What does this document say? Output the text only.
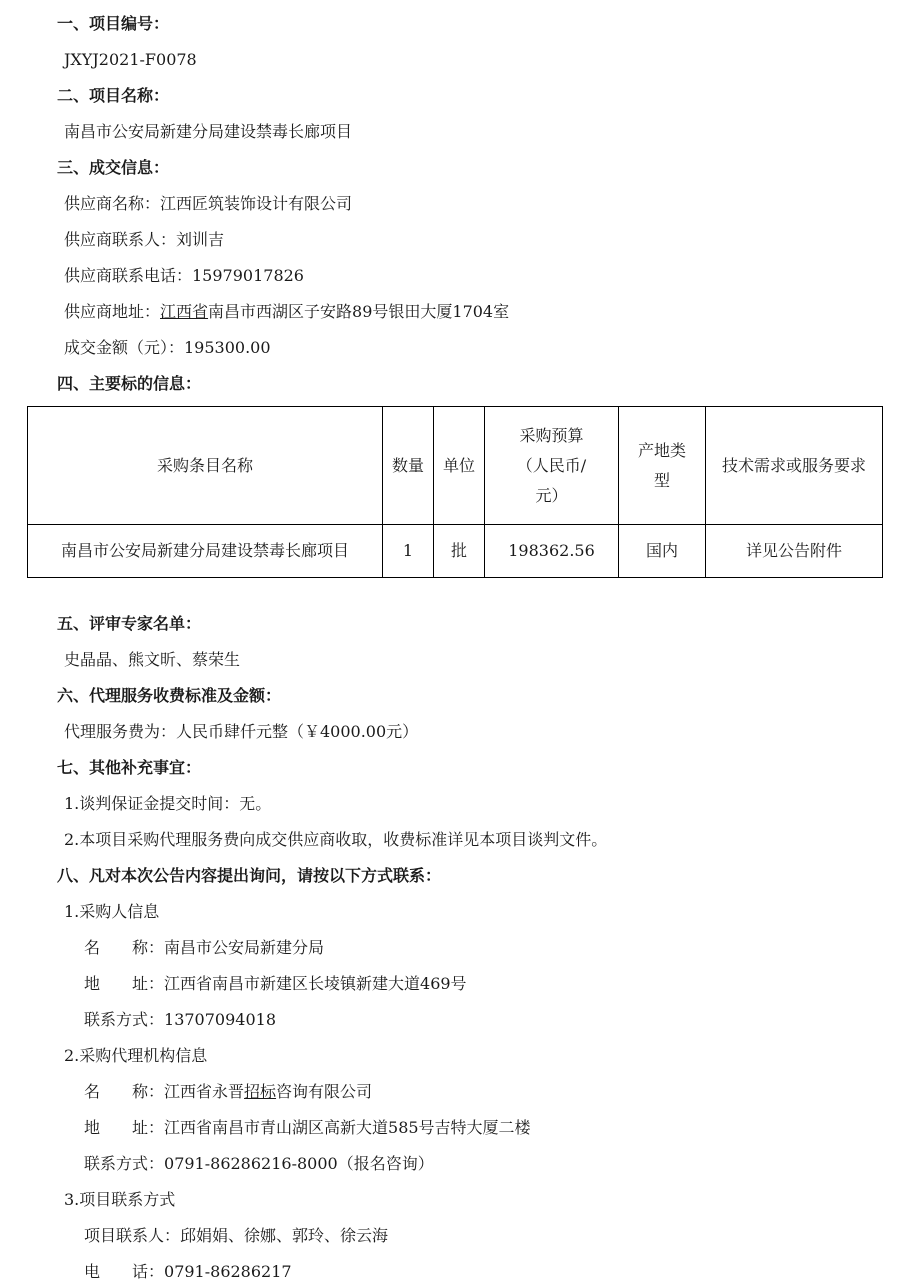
一、项目编号：
JXYJ2021-F0078
二、项目名称：
南昌市公安局新建分局建设禁毒长廊项目
三、成交信息：
供应商名称：江西匠筑装饰设计有限公司
供应商联系人：刘训吉
供应商联系电话：15979017826
供应商地址：江西省南昌市西湖区子安路89号银田大厦1704室
成交金额（元）：195300.00
四、主要标的信息：
采购条目名称	数量	单位	采购预算（人民币/元）	产地类型	技术需求或服务要求
南昌市公安局新建分局建设禁毒长廊项目	1	批	198362.56	国内	详见公告附件
五、评审专家名单：
史晶晶、熊文昕、蔡荣生
六、代理服务收费标准及金额：
代理服务费为：人民币肆仟元整（￥4000.00元）
七、其他补充事宜：
1.谈判保证金提交时间：无。
2.本项目采购代理服务费向成交供应商收取，收费标准详见本项目谈判文件。
八、凡对本次公告内容提出询问，请按以下方式联系：
1.采购人信息
名　　称：南昌市公安局新建分局
地　　址：江西省南昌市新建区长堎镇新建大道469号
联系方式：13707094018
2.采购代理机构信息
名　　称：江西省永晋招标咨询有限公司
地　　址：江西省南昌市青山湖区高新大道585号吉特大厦二楼
联系方式：0791-86286216-8000（报名咨询）
3.项目联系方式
项目联系人：邱娟娟、徐娜、郭玲、徐云海
电　　话：0791-86286217
